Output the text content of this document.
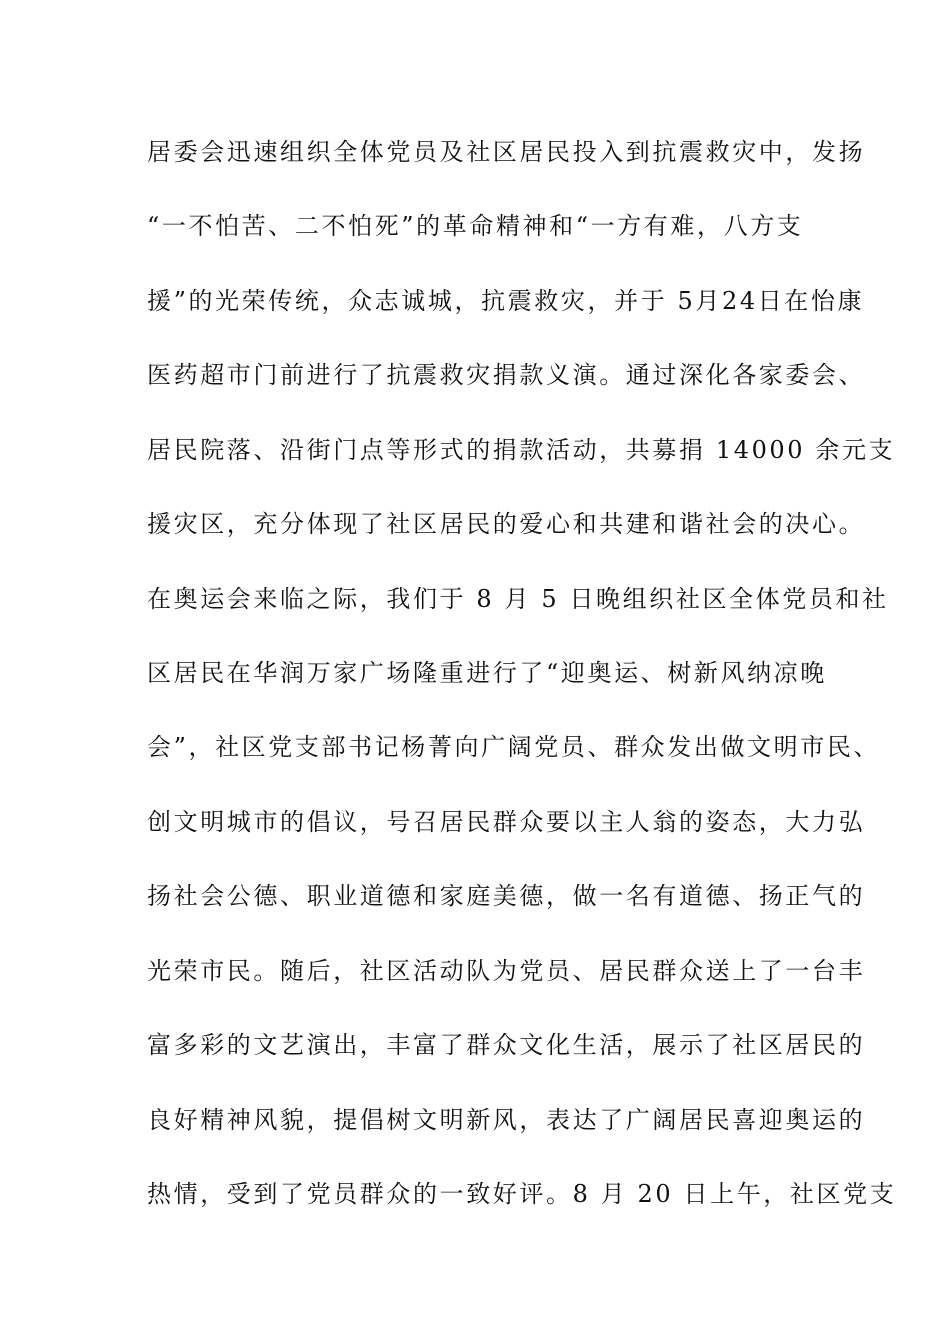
居委会迅速组织全体党员及社区居民投入到抗震救灾中，发扬
“一不怕苦、二不怕死”的革命精神和“一方有难，八方支
援”的光荣传统，众志诚城，抗震救灾，并于 5月24日在怡康
医药超市门前进行了抗震救灾捐款义演。通过深化各家委会、
居民院落、沿街门点等形式的捐款活动，共募捐 14000 余元支
援灾区，充分体现了社区居民的爱心和共建和谐社会的决心。
在奥运会来临之际，我们于 8 月 5 日晚组织社区全体党员和社
区居民在华润万家广场隆重进行了“迎奥运、树新风纳凉晚
会”，社区党支部书记杨菁向广阔党员、群众发出做文明市民、
创文明城市的倡议，号召居民群众要以主人翁的姿态，大力弘
扬社会公德、职业道德和家庭美德，做一名有道德、扬正气的
光荣市民。随后，社区活动队为党员、居民群众送上了一台丰
富多彩的文艺演出，丰富了群众文化生活，展示了社区居民的
良好精神风貌，提倡树文明新风，表达了广阔居民喜迎奥运的
热情，受到了党员群众的一致好评。8 月 20 日上午，社区党支
